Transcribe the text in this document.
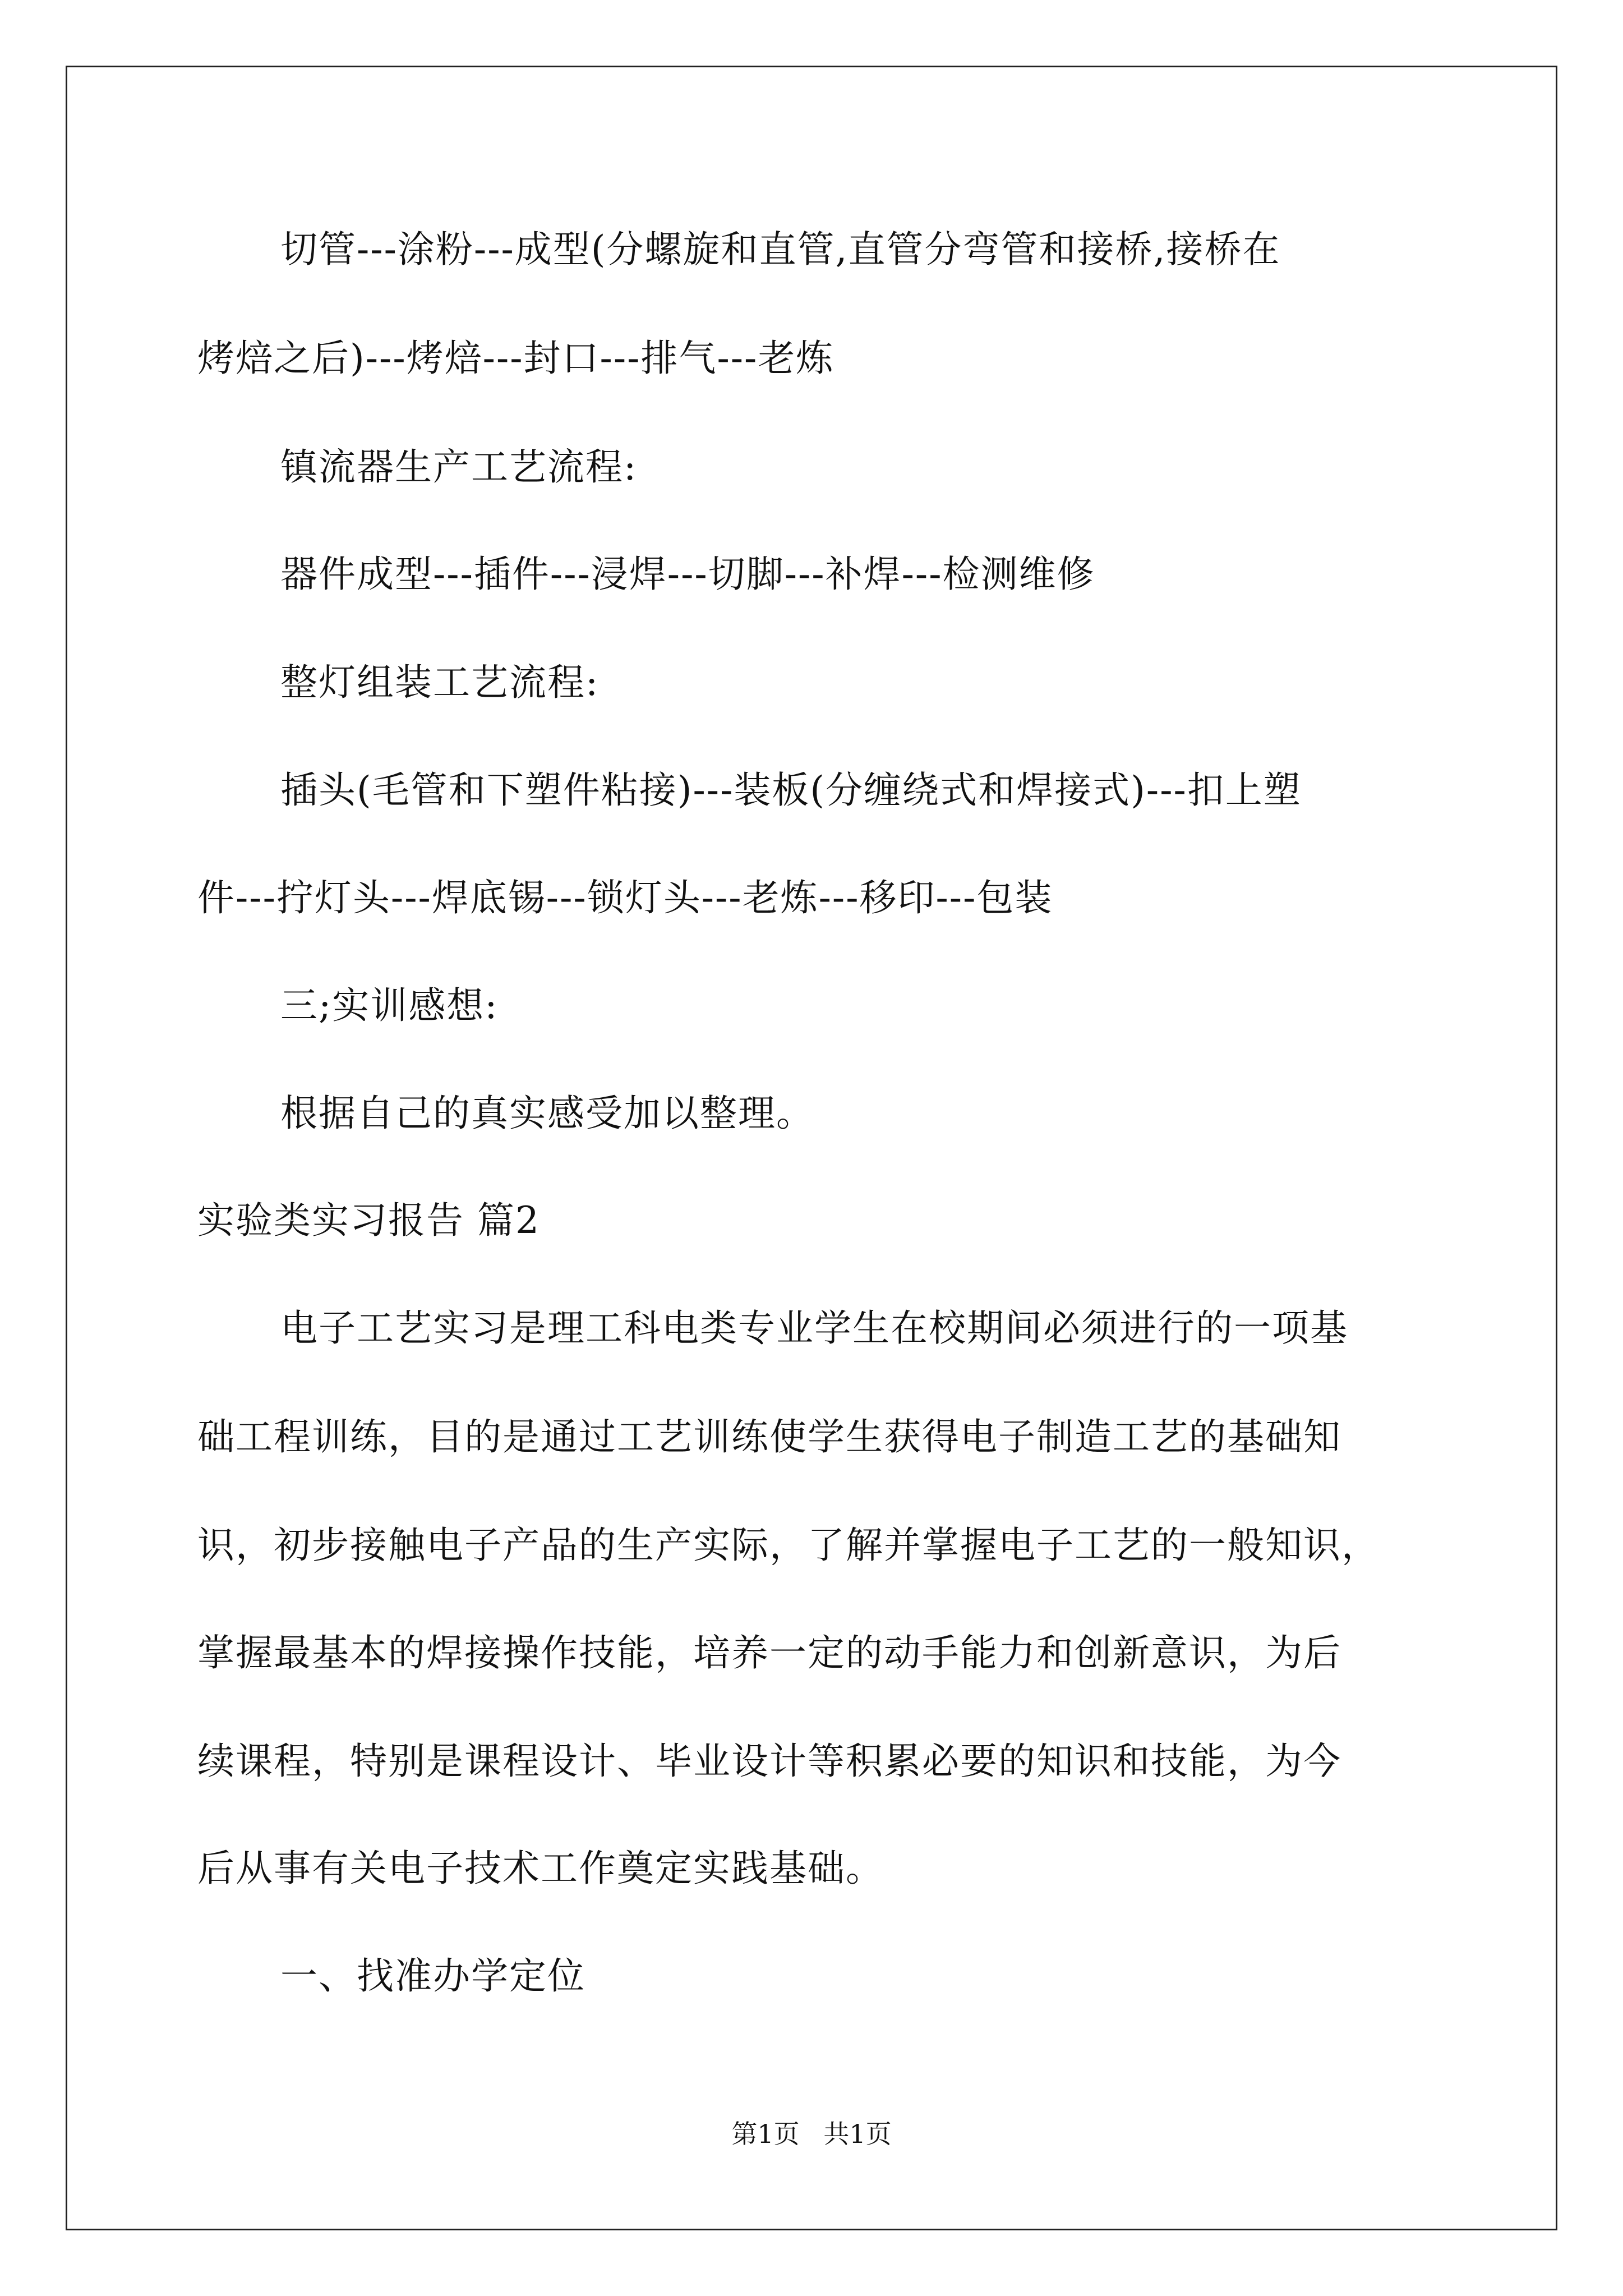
切管---涂粉---成型(分螺旋和直管,直管分弯管和接桥,接桥在
烤焙之后)---烤焙---封口---排气---老炼
镇流器生产工艺流程:
器件成型---插件---浸焊---切脚---补焊---检测维修
整灯组装工艺流程:
插头(毛管和下塑件粘接)---装板(分缠绕式和焊接式)---扣上塑
件---拧灯头---焊底锡---锁灯头---老炼---移印---包装
三;实训感想:
根据自己的真实感受加以整理。
实验类实习报告 篇2
电子工艺实习是理工科电类专业学生在校期间必须进行的一项基
础工程训练，目的是通过工艺训练使学生获得电子制造工艺的基础知
识，初步接触电子产品的生产实际，了解并掌握电子工艺的一般知识，
掌握最基本的焊接操作技能，培养一定的动手能力和创新意识，为后
续课程，特别是课程设计、毕业设计等积累必要的知识和技能，为今
后从事有关电子技术工作奠定实践基础。
一、找准办学定位
第1页 共1页
